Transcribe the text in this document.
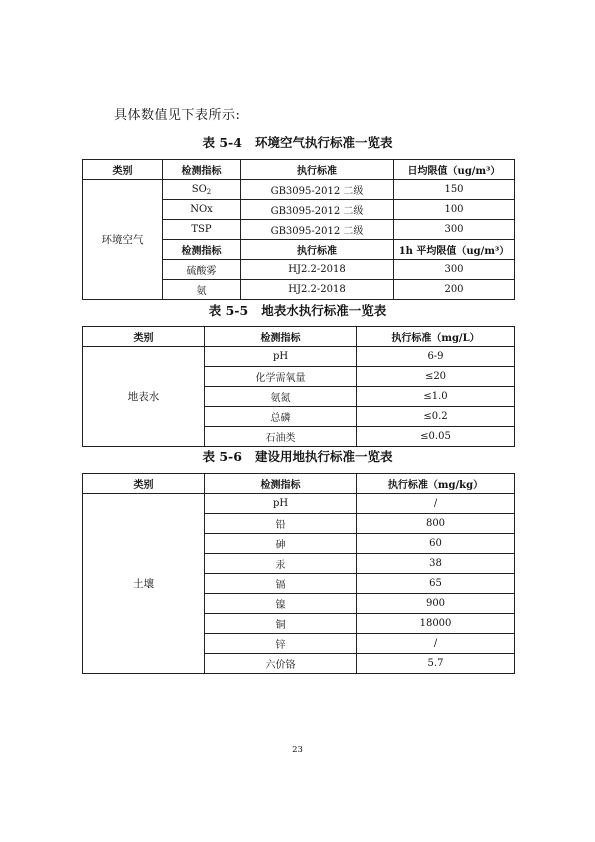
具体数值见下表所示:
表 5-4   环境空气执行标准一览表
类别	检测指标	执行标准	日均限值（ug/m³）
环境空气	$SO_2$	GB3095-2012 二级	150
	NOx	GB3095-2012 二级	100
	TSP	GB3095-2012 二级	300
	检测指标	执行标准	1h 平均限值（ug/m³）
	硫酸雾	HJ2.2-2018	300
	氨	HJ2.2-2018	200
表 5-5   地表水执行标准一览表
类别	检测指标	执行标准（mg/L）
地表水	pH	6-9
	化学需氧量	≤20
	氨氮	≤1.0
	总磷	≤0.2
	石油类	≤0.05
表 5-6   建设用地执行标准一览表
类别	检测指标	执行标准（mg/kg）
土壤	pH	/
	铅	800
	砷	60
	汞	38
	镉	65
	镍	900
	铜	18000
	锌	/
	六价铬	5.7
23
